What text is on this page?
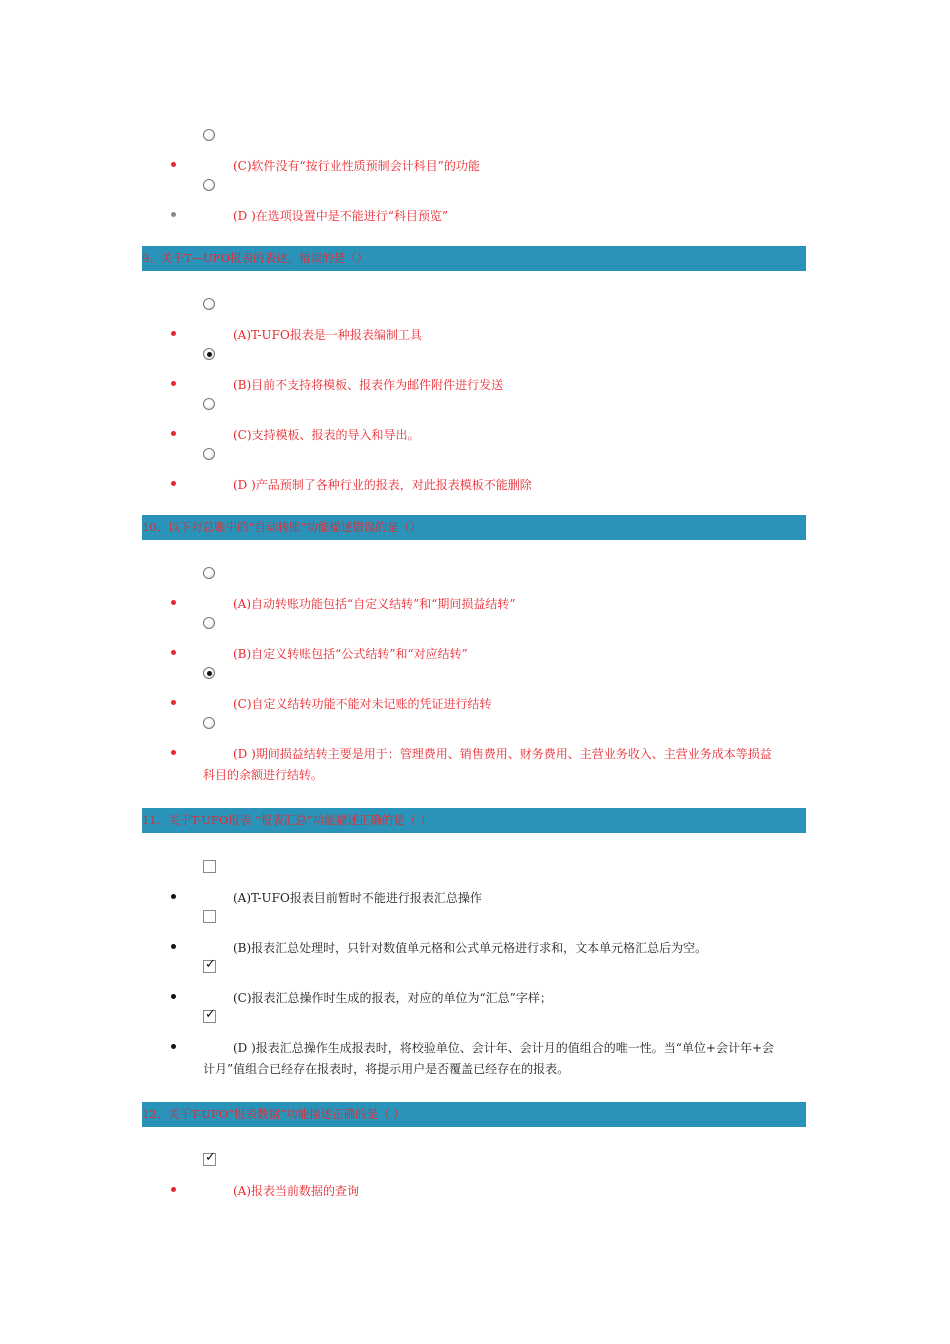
(C)软件没有“按行业性质预制会计科目”的功能
(D )在选项设置中是不能进行“科目预览”
9、关于T—UFO报表的表述，错误的是（）
(A)T-UFO报表是一种报表编制工具
(B)目前不支持将模板、报表作为邮件附件进行发送
(C)支持模板、报表的导入和导出。
(D )产品预制了各种行业的报表，对此报表模板不能删除
10、以下对总账中的“自动转账”功能描述错误的是（）
(A)自动转账功能包括“自定义结转”和“期间损益结转”
(B)自定义转账包括“公式结转”和“对应结转”
(C)自定义结转功能不能对未记账的凭证进行结转
(D )期间损益结转主要是用于：管理费用、销售费用、财务费用、主营业务收入、主营业务成本等损益
科目的余额进行结转。
11、关于T-UFO报表 “报表汇总”功能描述正确的是（ ）
(A)T-UFO报表目前暂时不能进行报表汇总操作
(B)报表汇总处理时，只针对数值单元格和公式单元格进行求和，文本单元格汇总后为空。
✓
(C)报表汇总操作时生成的报表，对应的单位为“汇总”字样；
✓
(D )报表汇总操作生成报表时，将校验单位、会计年、会计月的值组合的唯一性。当“单位+会计年+会
计月”值组合已经存在报表时，将提示用户是否覆盖已经存在的报表。
12、关于T-UFO“报表数据”功能描述正确的是（ ）
✓
(A)报表当前数据的查询
